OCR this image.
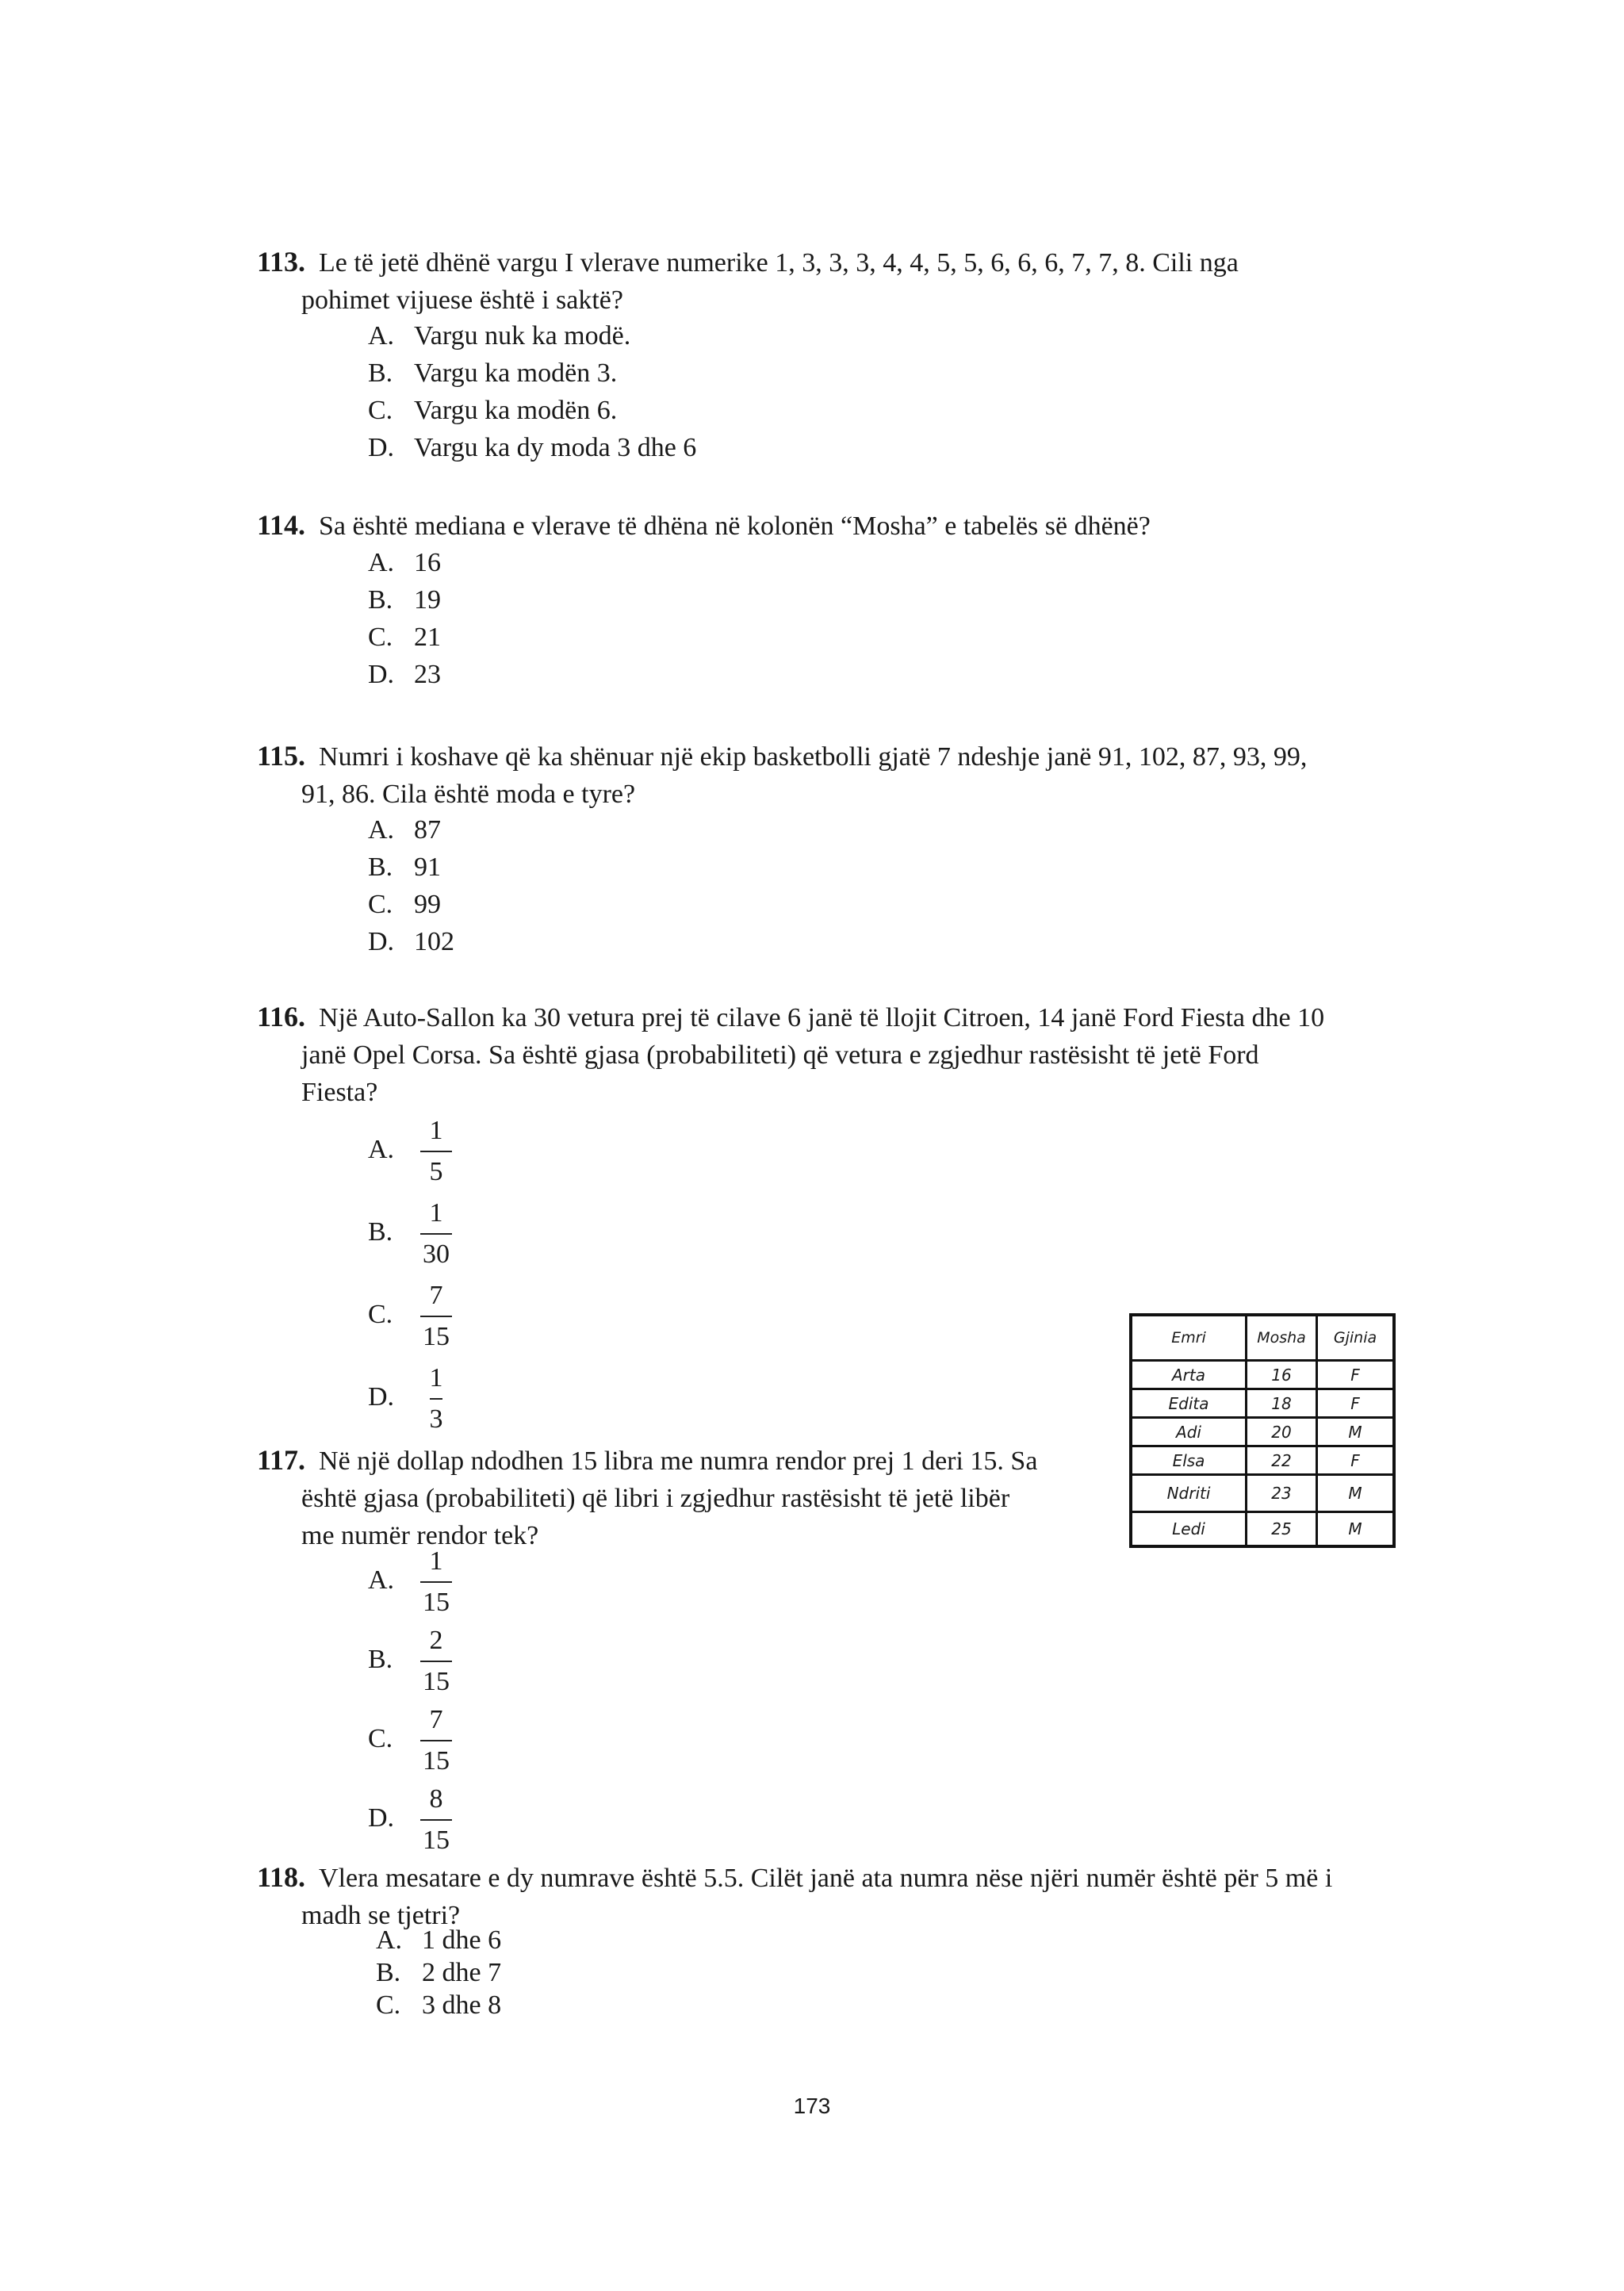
113. Le të jetë dhënë vargu I vlerave numerike 1, 3, 3, 3, 4, 4, 5, 5, 6, 6, 6, 7, 7, 8. Cili nga
pohimet vijuese është i saktë?
A. Vargu nuk ka modë.
B. Vargu ka modën 3.
C. Vargu ka modën 6.
D. Vargu ka dy moda 3 dhe 6
114. Sa është mediana e vlerave të dhëna në kolonën “Mosha” e tabelës së dhënë?
A. 16
B. 19
C. 21
D. 23
115. Numri i koshave që ka shënuar një ekip basketbolli gjatë 7 ndeshje janë 91, 102, 87, 93, 99,
91, 86. Cila është moda e tyre?
A. 87
B. 91
C. 99
D. 102
116. Një Auto-Sallon ka 30 vetura prej të cilave 6 janë të llojit Citroen, 14 janë Ford Fiesta dhe 10
janë Opel Corsa. Sa është gjasa (probabiliteti) që vetura e zgjedhur rastësisht të jetë Ford
Fiesta?
A.
1
5
B.
1
30
C.
7
15
D.
1
3
117. Në një dollap ndodhen 15 libra me numra rendor prej 1 deri 15. Sa
është gjasa (probabiliteti) që libri i zgjedhur rastësisht të jetë libër
me numër rendor tek?
A.
1
15
B.
2
15
C.
7
15
D.
8
15
118. Vlera mesatare e dy numrave është 5.5. Cilët janë ata numra nëse njëri numër është për 5 më i
madh se tjetri?
A. 1 dhe 6
B. 2 dhe 7
C. 3 dhe 8
Emri	Mosha	Gjinia
Arta	16	F
Edita	18	F
Adi	20	M
Elsa	22	F
Ndriti	23	M
Ledi	25	M
173
